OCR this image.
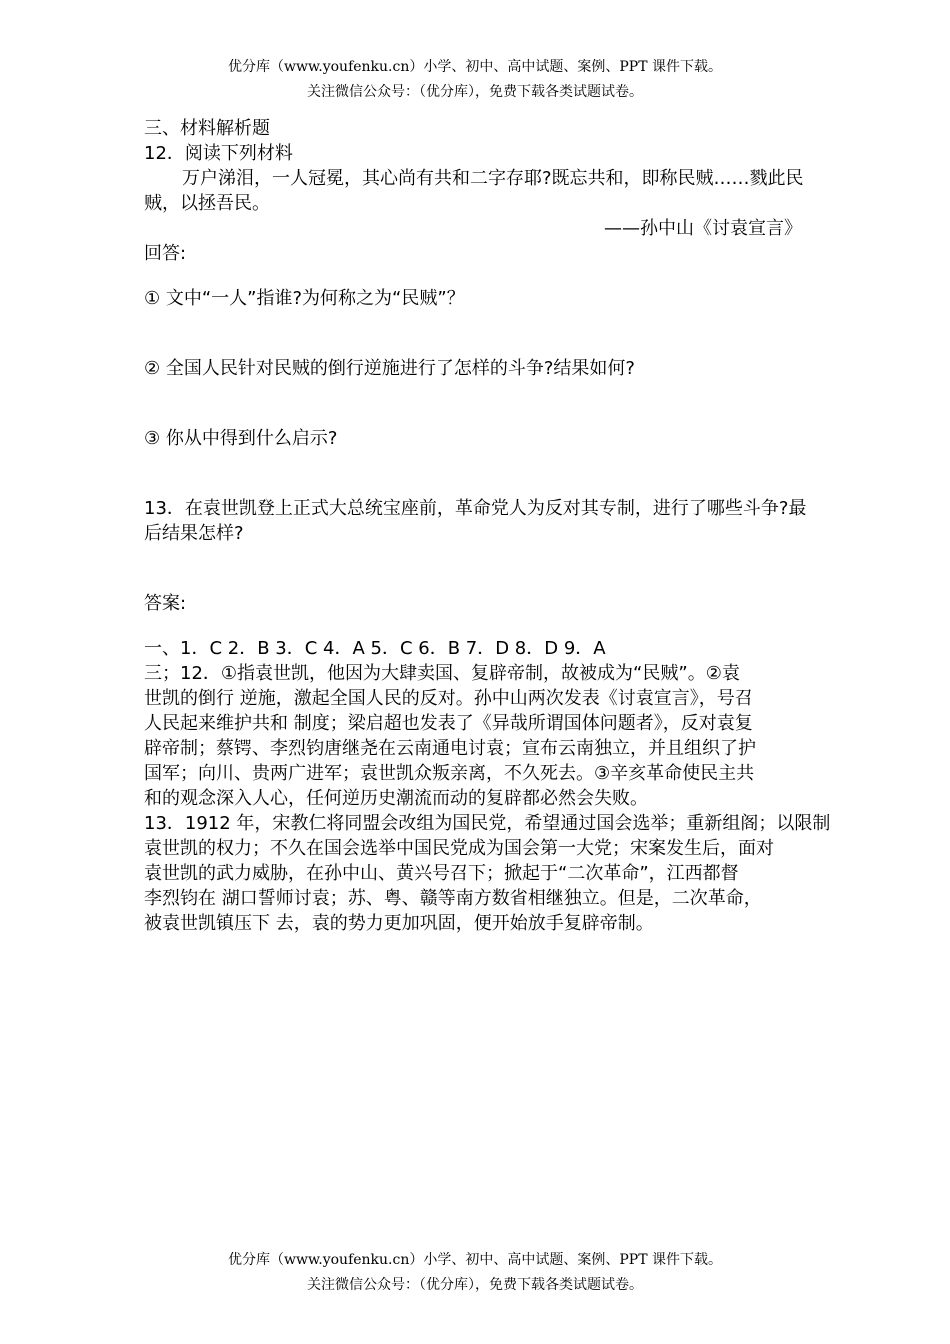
优分库（www.youfenku.cn）小学、初中、高中试题、案例、PPT 课件下载。
关注微信公众号：（优分库），免费下载各类试题试卷。
三、材料解析题
12．阅读下列材料
万户涕泪，一人冠冕，其心尚有共和二字存耶?既忘共和，即称民贼……戮此民
贼，以拯吾民。
——孙中山《讨袁宣言》
回答:
① 文中“一人”指谁?为何称之为“民贼”？
② 全国人民针对民贼的倒行逆施进行了怎样的斗争?结果如何?
③ 你从中得到什么启示?
13．在袁世凯登上正式大总统宝座前，革命党人为反对其专制，进行了哪些斗争?最
后结果怎样?
答案:
一、1．C 2．B 3．C 4．A 5．C 6．B 7．D 8．D 9．A
三；12．①指袁世凯，他因为大肆卖国、复辟帝制，故被成为“民贼”。②袁
世凯的倒行 逆施，激起全国人民的反对。孙中山两次发表《讨袁宣言》，号召
人民起来维护共和 制度；梁启超也发表了《异哉所谓国体问题者》，反对袁复
辟帝制；蔡锷、李烈钧唐继尧在云南通电讨袁；宣布云南独立，并且组织了护
国军；向川、贵两广进军；袁世凯众叛亲离，不久死去。③辛亥革命使民主共
和的观念深入人心，任何逆历史潮流而动的复辟都必然会失败。
13．1912 年，宋教仁将同盟会改组为国民党，希望通过国会选举；重新组阁；以限制
袁世凯的权力；不久在国会选举中国民党成为国会第一大党；宋案发生后，面对
袁世凯的武力威胁，在孙中山、黄兴号召下；掀起于“二次革命”，江西都督
李烈钧在 湖口誓师讨袁；苏、粤、赣等南方数省相继独立。但是，二次革命，
被袁世凯镇压下 去，袁的势力更加巩固，便开始放手复辟帝制。
优分库（www.youfenku.cn）小学、初中、高中试题、案例、PPT 课件下载。
关注微信公众号：（优分库），免费下载各类试题试卷。
